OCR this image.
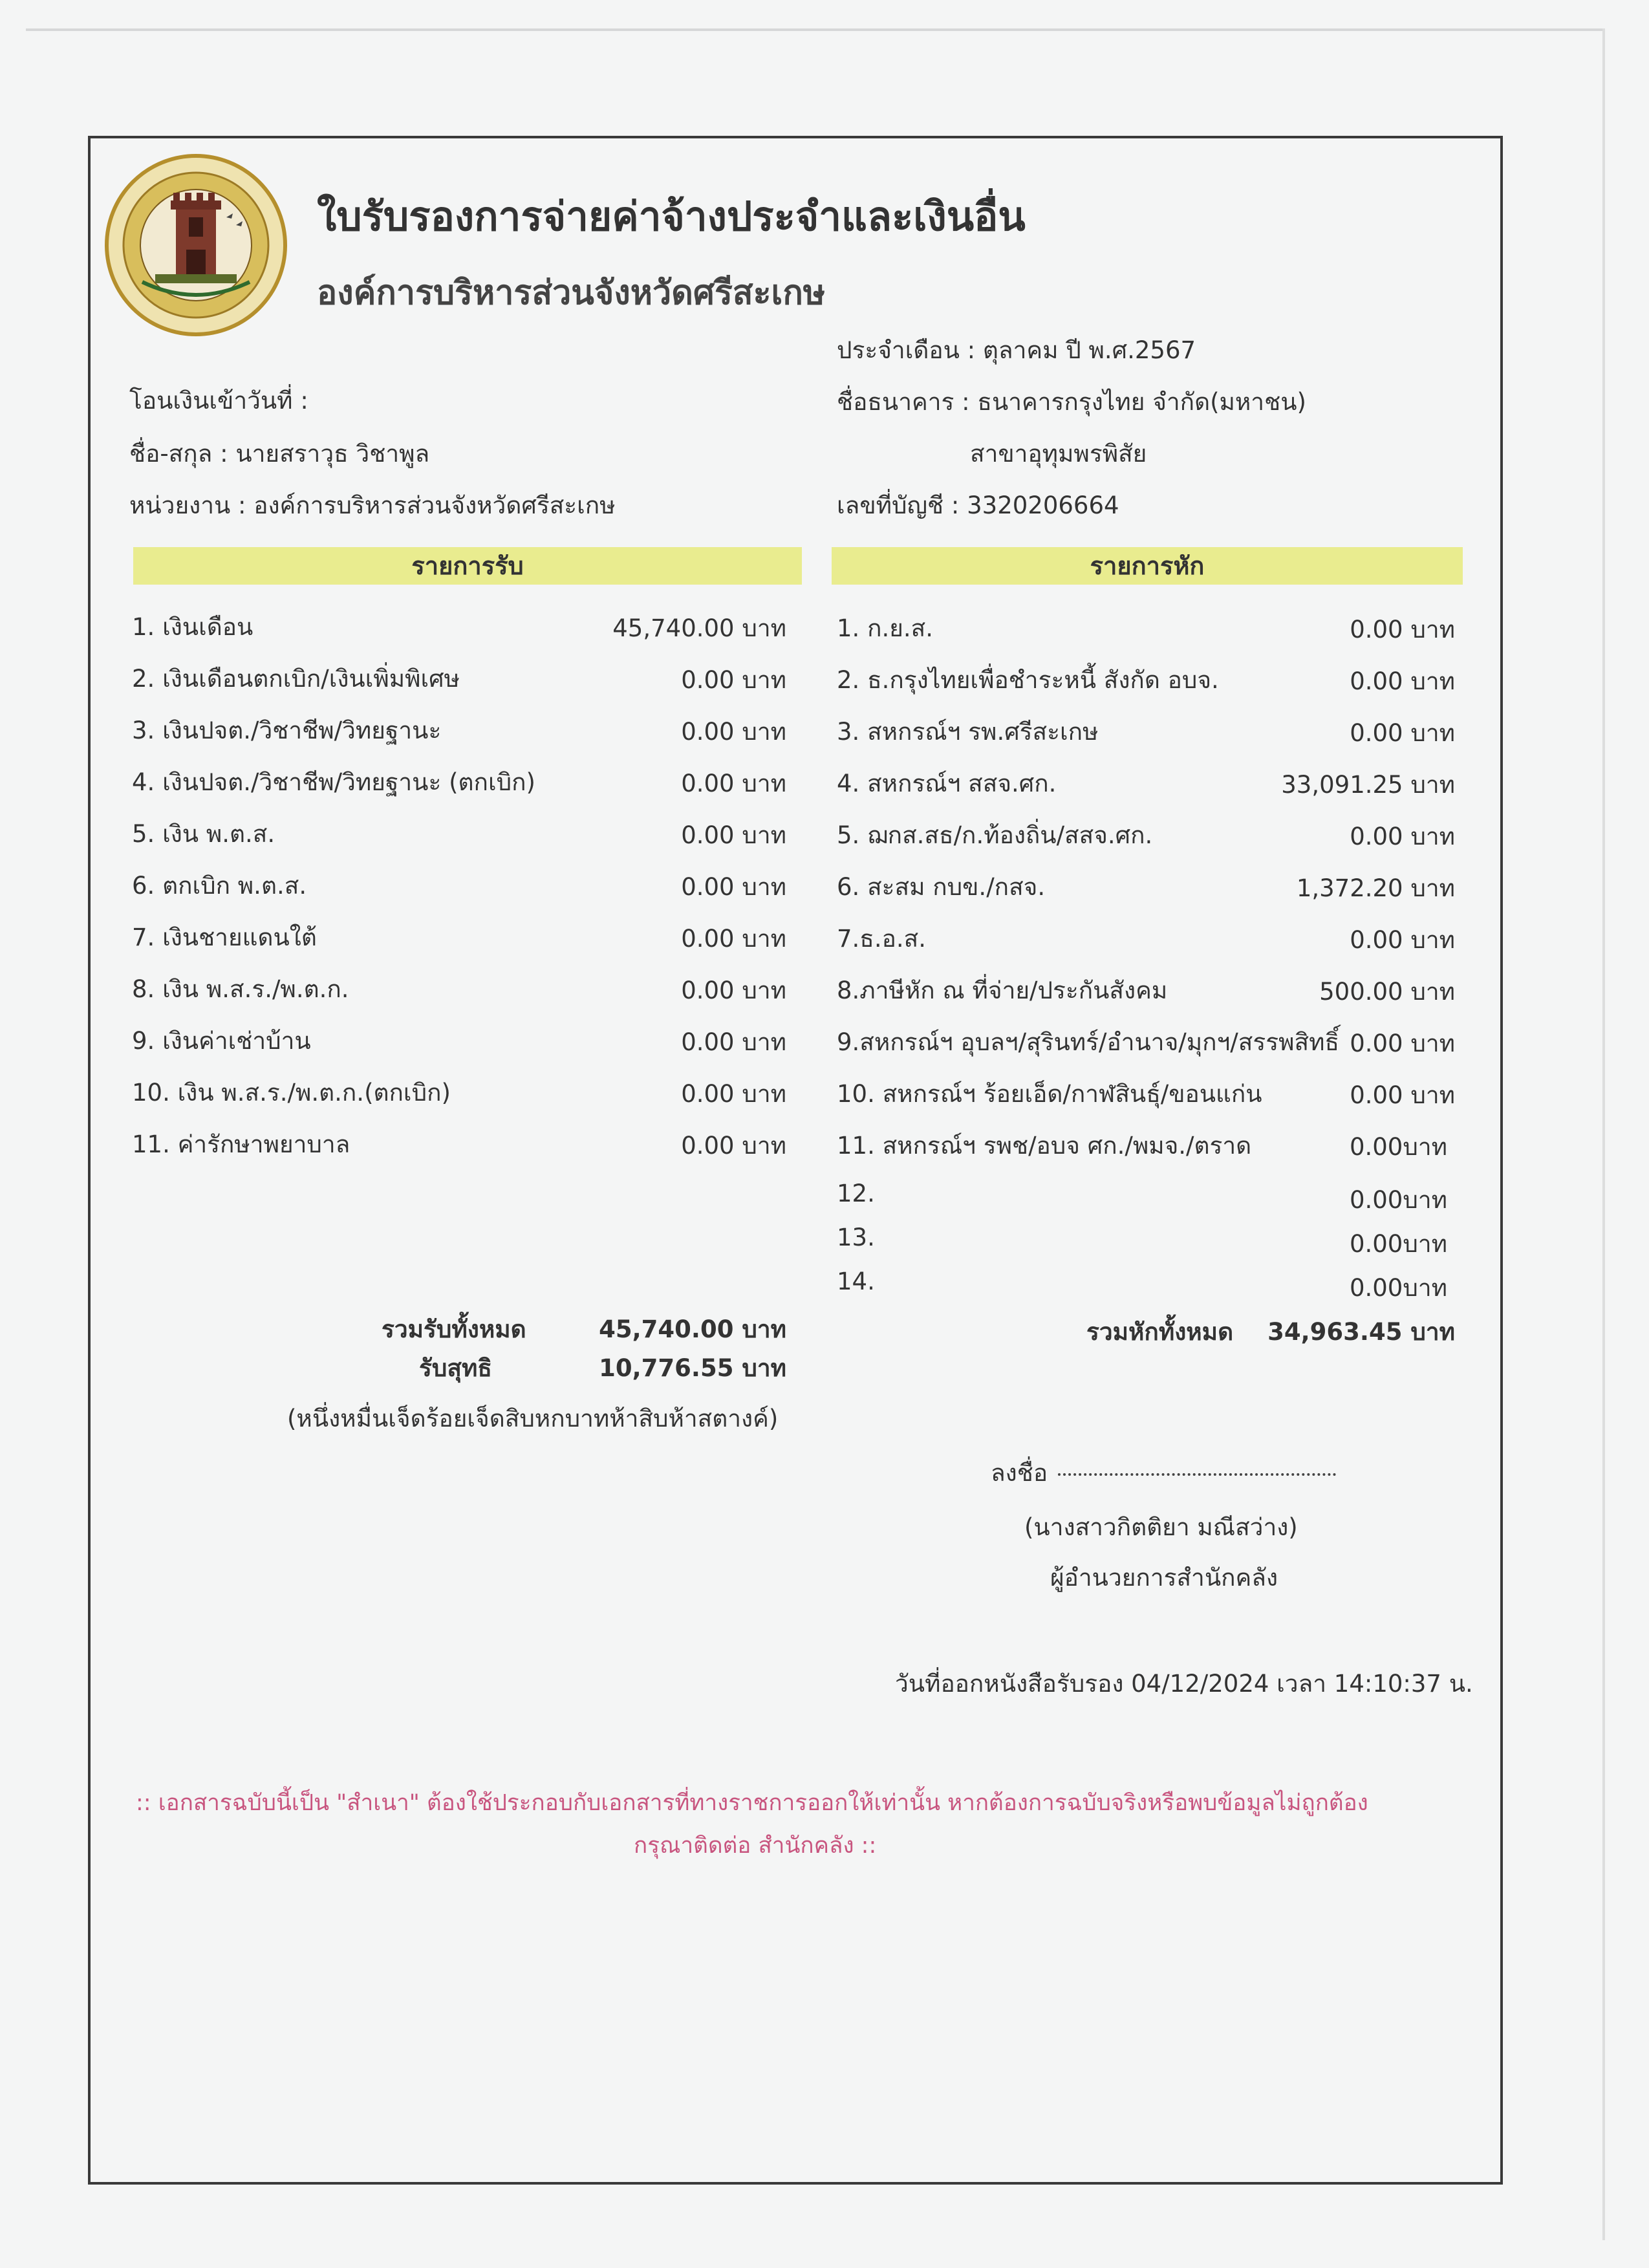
ใบรับรองการจ่ายค่าจ้างประจำและเงินอื่น
องค์การบริหารส่วนจังหวัดศรีสะเกษ
ประจำเดือน : ตุลาคม ปี พ.ศ.2567
โอนเงินเข้าวันที่ :	ชื่อธนาคาร : ธนาคารกรุงไทย จำกัด(มหาชน)
ชื่อ-สกุล : นายสราวุธ วิชาพูล	สาขาอุทุมพรพิสัย
หน่วยงาน : องค์การบริหารส่วนจังหวัดศรีสะเกษ	เลขที่บัญชี : 3320206664
รายการรับ	รายการหัก
1. เงินเดือน	45,740.00 บาท
2. เงินเดือนตกเบิก/เงินเพิ่มพิเศษ	0.00 บาท
3. เงินปจต./วิชาชีพ/วิทยฐานะ	0.00 บาท
4. เงินปจต./วิชาชีพ/วิทยฐานะ (ตกเบิก)	0.00 บาท
5. เงิน พ.ต.ส.	0.00 บาท
6. ตกเบิก พ.ต.ส.	0.00 บาท
7. เงินชายแดนใต้	0.00 บาท
8. เงิน พ.ส.ร./พ.ต.ก.	0.00 บาท
9. เงินค่าเช่าบ้าน	0.00 บาท
10. เงิน พ.ส.ร./พ.ต.ก.(ตกเบิก)	0.00 บาท
11. ค่ารักษาพยาบาล	0.00 บาท
1. ก.ย.ส.	0.00 บาท
2. ธ.กรุงไทยเพื่อชำระหนี้ สังกัด อบจ.	0.00 บาท
3. สหกรณ์ฯ รพ.ศรีสะเกษ	0.00 บาท
4. สหกรณ์ฯ สสจ.ศก.	33,091.25 บาท
5. ฌกส.สธ/ก.ท้องถิ่น/สสจ.ศก.	0.00 บาท
6. สะสม กบข./กสจ.	1,372.20 บาท
7.ธ.อ.ส.	0.00 บาท
8.ภาษีหัก ณ ที่จ่าย/ประกันสังคม	500.00 บาท
9.สหกรณ์ฯ อุบลฯ/สุรินทร์/อำนาจ/มุกฯ/สรรพสิทธิ์ 0.00 บาท
10. สหกรณ์ฯ ร้อยเอ็ด/กาฬสินธุ์/ขอนแก่น	0.00 บาท
11. สหกรณ์ฯ รพช/อบจ ศก./พมจ./ตราด	0.00บาท
12.	0.00บาท
13.	0.00บาท
14.	0.00บาท
รวมรับทั้งหมด	45,740.00 บาท
รับสุทธิ	10,776.55 บาท
(หนึ่งหมื่นเจ็ดร้อยเจ็ดสิบหกบาทห้าสิบห้าสตางค์)
รวมหักทั้งหมด 34,963.45 บาท
ลงชื่อ
(นางสาวกิตติยา มณีสว่าง)
ผู้อำนวยการสำนักคลัง
วันที่ออกหนังสือรับรอง 04/12/2024 เวลา 14:10:37 น.
:: เอกสารฉบับนี้เป็น "สำเนา" ต้องใช้ประกอบกับเอกสารที่ทางราชการออกให้เท่านั้น หากต้องการฉบับจริงหรือพบข้อมูลไม่ถูกต้อง
กรุณาติดต่อ สำนักคลัง ::
